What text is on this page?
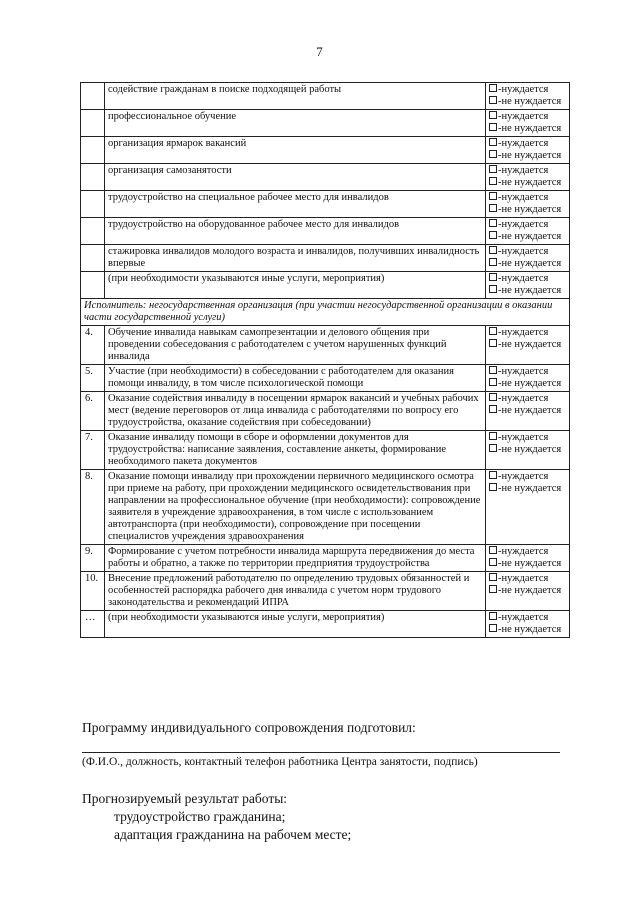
7
	содействие гражданам в поиске подходящей работы	-нуждается
-не нуждается

	профессиональное обучение	-нуждается
-не нуждается

	организация ярмарок вакансий	-нуждается
-не нуждается

	организация самозанятости	-нуждается
-не нуждается

	трудоустройство на специальное рабочее место для инвалидов	-нуждается
-не нуждается

	трудоустройство на оборудованное рабочее место для инвалидов	-нуждается
-не нуждается

	стажировка инвалидов молодого возраста и инвалидов, получивших инвалидность впервые	-нуждается
-не нуждается

	(при необходимости указываются иные услуги, мероприятия)	-нуждается
-не нуждается

Исполнитель: негосударственная организация (при участии негосударственной организации в оказании части государственной услуги)		
4.	Обучение инвалида навыкам самопрезентации и делового общения при проведении собеседования с работодателем с учетом нарушенных функций инвалида	-нуждается
-не нуждается

5.	Участие (при необходимости) в собеседовании с работодателем для оказания помощи инвалиду, в том числе психологической помощи	-нуждается
-не нуждается

6.	Оказание содействия инвалиду в посещении ярмарок вакансий и учебных рабочих мест (ведение переговоров от лица инвалида с работодателями по вопросу его трудоустройства, оказание содействия при собеседовании)	-нуждается
-не нуждается

7.	Оказание инвалиду помощи в сборе и оформлении документов для трудоустройства: написание заявления, составление анкеты, формирование необходимого пакета документов	-нуждается
-не нуждается

8.	Оказание помощи инвалиду при прохождении первичного медицинского осмотра при приеме на работу, при прохождении медицинского освидетельствования при направлении на профессиональное обучение (при необходимости): сопровождение заявителя в учреждение здравоохранения, в том числе с использованием автотранспорта (при необходимости), сопровождение при посещении специалистов учреждения здравоохранения	-нуждается
-не нуждается

9.	Формирование с учетом потребности инвалида маршрута передвижения до места работы и обратно, а также по территории предприятия трудоустройства	-нуждается
-не нуждается

10.	Внесение предложений работодателю по определению трудовых обязанностей и особенностей распорядка рабочего дня инвалида с учетом норм трудового законодательства и рекомендаций ИПРА	-нуждается
-не нуждается

…	(при необходимости указываются иные услуги, мероприятия)	-нуждается
-не нуждается
Программу индивидуального сопровождения подготовил:
(Ф.И.О., должность, контактный телефон работника Центра занятости, подпись)
Прогнозируемый результат работы:
трудоустройство гражданина;
адаптация гражданина на рабочем месте;
